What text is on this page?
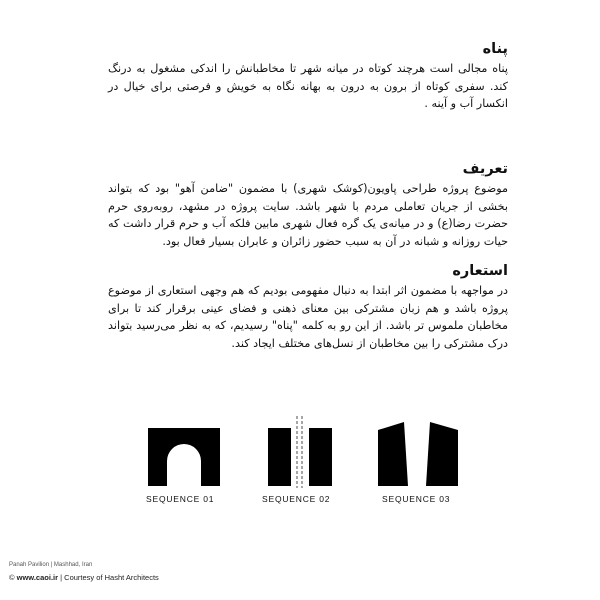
پناه

پناه مجالی است هرچند کوتاه در میانه شهر تا مخاطبانش را اندکی مشغول به درنگ کند. سفری کوتاه از برون به درون به بهانه نگاه به خویش و فرصتی برای خیال در انکسار آب و آینه .

تعریف

موضوع پروژه طراحی پاویون(کوشک شهری) با مضمون "ضامن آهو" بود که بتواند بخشی از جریان تعاملی مردم با شهر باشد. سایت پروژه در مشهد، روبه‌روی حرم حضرت رضا(ع) و در میانه‌ی یک گره فعال شهری مابین فلکه آب و حرم قرار داشت که حیات روزانه و شبانه در آن به سبب حضور زائران و عابران بسیار فعال بود.

استعاره

در مواجهه با مضمون اثر ابتدا به دنبال مفهومی بودیم که هم وجهی استعاری از موضوع پروژه باشد و هم زبان مشترکی بین معنای ذهنی و فضای عینی برقرار کند تا برای مخاطبان ملموس تر باشد. از این رو به کلمه "پناه" رسیدیم، که به نظر می‌رسید بتواند درک مشترکی را بین مخاطبان از نسل‌های مختلف ایجاد کند.

SEQUENCE 01	SEQUENCE 02	SEQUENCE 03
Panah Pavilion | Mashhad, Iran
© www.caoi.ir | Courtesy of Hasht Architects
